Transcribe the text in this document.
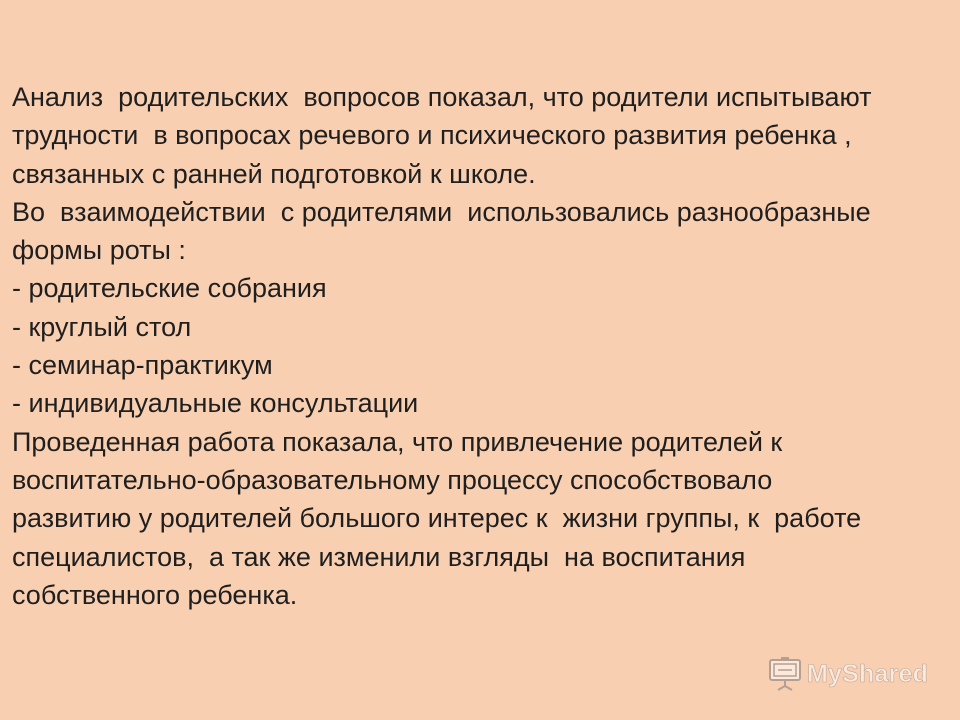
Анализ  родительских  вопросов показал, что родители испытывают
трудности  в вопросах речевого и психического развития ребенка ,
связанных с ранней подготовкой к школе.
Во  взаимодействии  с родителями  использовались разнообразные
формы роты :
- родительские собрания
- круглый стол
- семинар-практикум
- индивидуальные консультации
Проведенная работа показала, что привлечение родителей к
воспитательно-образовательному процессу способствовало
развитию у родителей большого интерес к  жизни группы, к  работе
специалистов,  а так же изменили взгляды  на воспитания
собственного ребенка.
MyShared
